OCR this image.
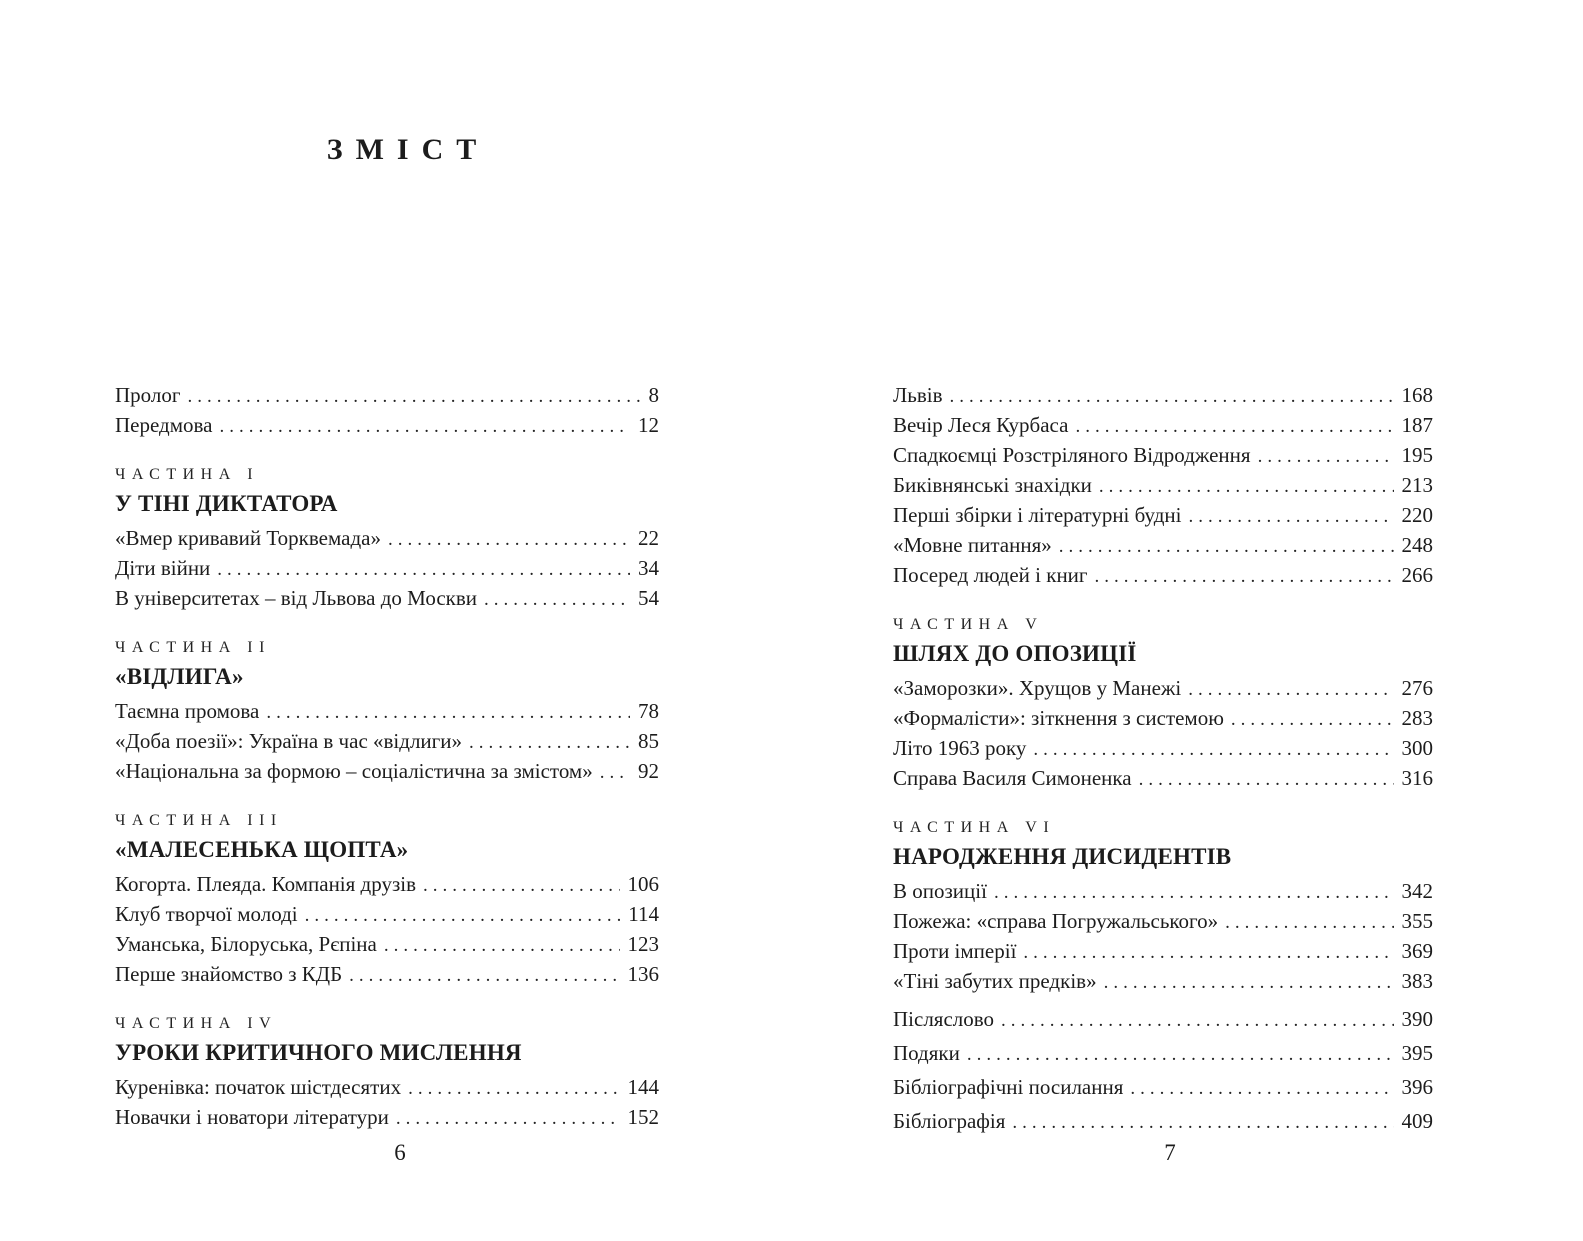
ЗМІСТ
Пролог .....	8
Передмова .....	12
ЧАСТИНА I
У ТІНІ ДИКТАТОРА
«Вмер кривавий Торквемада» .....	22
Діти війни .....	34
В університетах – від Львова до Москви .....	54
ЧАСТИНА II
«ВІДЛИГА»
Таємна промова .....	78
«Доба поезії»: Україна в час «відлиги» .....	85
«Національна за формою – соціалістична за змістом» ..... 92
ЧАСТИНА III
«МАЛЕСЕНЬКА ЩОПТА»
Когорта. Плеяда. Компанія друзів .....	106
Клуб творчої молоді .....	114
Уманська, Білоруська, Рєпіна .....	123
Перше знайомство з КДБ .....	136
ЧАСТИНА IV
УРОКИ КРИТИЧНОГО МИСЛЕННЯ
Куренівка: початок шістдесятих .....	144
Новачки і новатори літератури .....	152
Львів .....	168
Вечір Леся Курбаса .....	187
Спадкоємці Розстріляного Відродження .....	195
Биківнянські знахідки .....	213
Перші збірки і літературні будні .....	220
«Мовне питання» .....	248
Посеред людей і книг .....	266
ЧАСТИНА V
ШЛЯХ ДО ОПОЗИЦІЇ
«Заморозки». Хрущов у Манежі .....	276
«Формалісти»: зіткнення з системою .....	283
Літо 1963 року .....	300
Справа Василя Симоненка .....	316
ЧАСТИНА VI
НАРОДЖЕННЯ ДИСИДЕНТІВ
В опозиції .....	342
Пожежа: «справа Погружальського» .....	355
Проти імперії .....	369
«Тіні забутих предків» .....	383
Післяслово .....	390
Подяки .....	395
Бібліографічні посилання .....	396
Бібліографія .....	409
6	7
